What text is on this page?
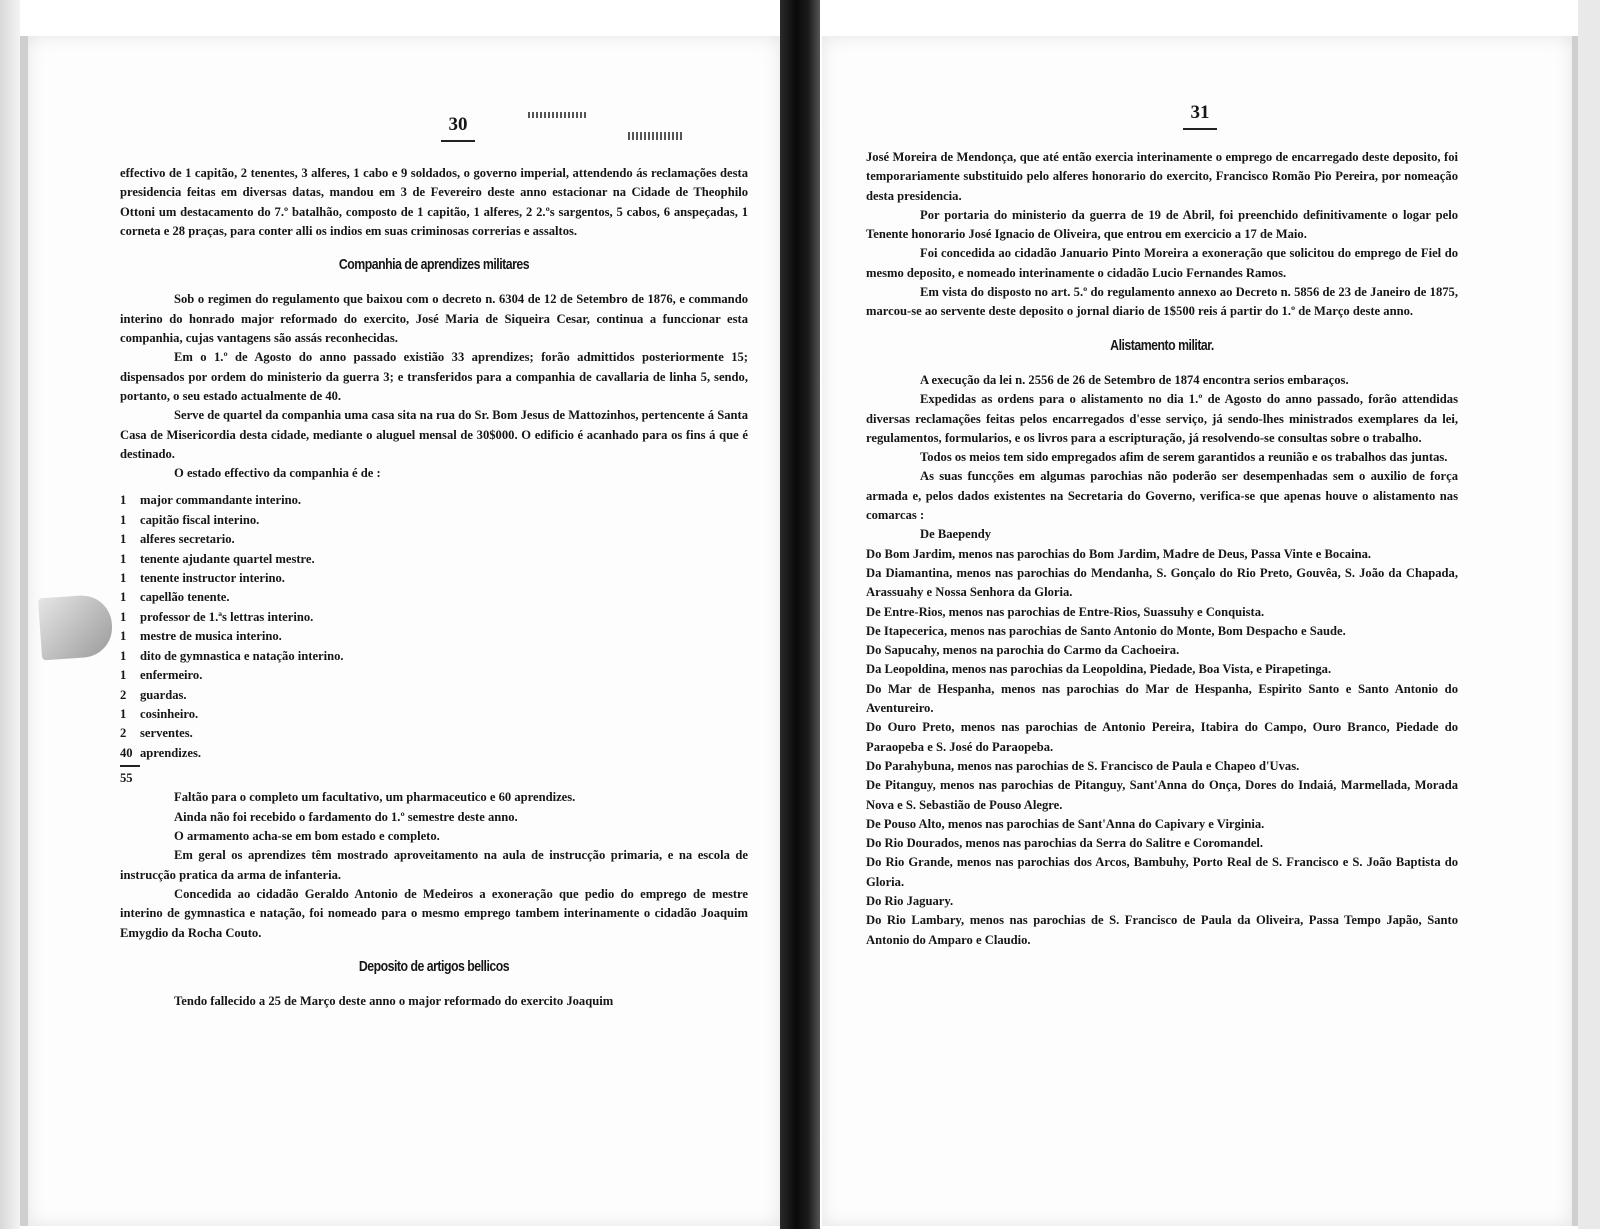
30

effectivo de 1 capitão, 2 tenentes, 3 alferes, 1 cabo e 9 soldados, o governo imperial, attendendo ás reclamações desta presidencia feitas em diversas datas, mandou em 3 de Fevereiro deste anno estacionar na Cidade de Theophilo Ottoni um destacamento do 7.º batalhão, composto de 1 capitão, 1 alferes, 2 2.ºs sargentos, 5 cabos, 6 anspeçadas, 1 corneta e 28 praças, para conter alli os indios em suas criminosas correrias e assaltos.

Companhia de aprendizes militares

Sob o regimen do regulamento que baixou com o decreto n. 6304 de 12 de Setembro de 1876, e commando interino do honrado major reformado do exercito, José Maria de Siqueira Cesar, continua a funccionar esta companhia, cujas vantagens são assás reconhecidas.

Em o 1.º de Agosto do anno passado existião 33 aprendizes; forão admittidos posteriormente 15; dispensados por ordem do ministerio da guerra 3; e transferidos para a companhia de cavallaria de linha 5, sendo, portanto, o seu estado actualmente de 40.

Serve de quartel da companhia uma casa sita na rua do Sr. Bom Jesus de Mattozinhos, pertencente á Santa Casa de Misericordia desta cidade, mediante o aluguel mensal de 30$000. O edificio é acanhado para os fins á que é destinado.

O estado effectivo da companhia é de :

1	major commandante interino.
1	capitão fiscal interino.
1	alferes secretario.
1	tenente ajudante quartel mestre.
1	tenente instructor interino.
1	capellão tenente.
1	professor de 1.ªs lettras interino.
1	mestre de musica interino.
1	dito de gymnastica e natação interino.
1	enfermeiro.
2	guardas.
1	cosinheiro.
2	serventes.
40 aprendizes.
55

Faltão para o completo um facultativo, um pharmaceutico e 60 aprendizes.

Ainda não foi recebido o fardamento do 1.º semestre deste anno.

O armamento acha-se em bom estado e completo.

Em geral os aprendizes têm mostrado aproveitamento na aula de instrucção primaria, e na escola de instrucção pratica da arma de infanteria.

Concedida ao cidadão Geraldo Antonio de Medeiros a exoneração que pedio do emprego de mestre interino de gymnastica e natação, foi nomeado para o mesmo emprego tambem interinamente o cidadão Joaquim Emygdio da Rocha Couto.

Deposito de artigos bellicos

Tendo fallecido a 25 de Março deste anno o major reformado do exercito Joaquim

31

José Moreira de Mendonça, que até então exercia interinamente o emprego de encarregado deste deposito, foi temporariamente substituido pelo alferes honorario do exercito, Francisco Romão Pio Pereira, por nomeação desta presidencia.

Por portaria do ministerio da guerra de 19 de Abril, foi preenchido definitivamente o logar pelo Tenente honorario José Ignacio de Oliveira, que entrou em exercicio a 17 de Maio.

Foi concedida ao cidadão Januario Pinto Moreira a exoneração que solicitou do emprego de Fiel do mesmo deposito, e nomeado interinamente o cidadão Lucio Fernandes Ramos.

Em vista do disposto no art. 5.º do regulamento annexo ao Decreto n. 5856 de 23 de Janeiro de 1875, marcou-se ao servente deste deposito o jornal diario de 1$500 reis á partir do 1.º de Março deste anno.

Alistamento militar.

A execução da lei n. 2556 de 26 de Setembro de 1874 encontra serios embaraços.

Expedidas as ordens para o alistamento no dia 1.º de Agosto do anno passado, forão attendidas diversas reclamações feitas pelos encarregados d'esse serviço, já sendo-lhes ministrados exemplares da lei, regulamentos, formularios, e os livros para a escripturação, já resolvendo-se consultas sobre o trabalho.

Todos os meios tem sido empregados afim de serem garantidos a reunião e os trabalhos das juntas.

As suas funcções em algumas parochias não poderão ser desempenhadas sem o auxilio de força armada e, pelos dados existentes na Secretaria do Governo, verifica-se que apenas houve o alistamento nas comarcas :

De Baependy

Do Bom Jardim, menos nas parochias do Bom Jardim, Madre de Deus, Passa Vinte e Bocaina.

Da Diamantina, menos nas parochias do Mendanha, S. Gonçalo do Rio Preto, Gouvêa, S. João da Chapada, Arassuahy e Nossa Senhora da Gloria.

De Entre-Rios, menos nas parochias de Entre-Rios, Suassuhy e Conquista.

De Itapecerica, menos nas parochias de Santo Antonio do Monte, Bom Despacho e Saude.

Do Sapucahy, menos na parochia do Carmo da Cachoeira.

Da Leopoldina, menos nas parochias da Leopoldina, Piedade, Boa Vista, e Pirapetinga.

Do Mar de Hespanha, menos nas parochias do Mar de Hespanha, Espirito Santo e Santo Antonio do Aventureiro.

Do Ouro Preto, menos nas parochias de Antonio Pereira, Itabira do Campo, Ouro Branco, Piedade do Paraopeba e S. José do Paraopeba.

Do Parahybuna, menos nas parochias de S. Francisco de Paula e Chapeo d'Uvas.

De Pitanguy, menos nas parochias de Pitanguy, Sant'Anna do Onça, Dores do Indaiá, Marmellada, Morada Nova e S. Sebastião de Pouso Alegre.

De Pouso Alto, menos nas parochias de Sant'Anna do Capivary e Virginia.

Do Rio Dourados, menos nas parochias da Serra do Salitre e Coromandel.

Do Rio Grande, menos nas parochias dos Arcos, Bambuhy, Porto Real de S. Francisco e S. João Baptista do Gloria.

Do Rio Jaguary.

Do Rio Lambary, menos nas parochias de S. Francisco de Paula da Oliveira, Passa Tempo Japão, Santo Antonio do Amparo e Claudio.
